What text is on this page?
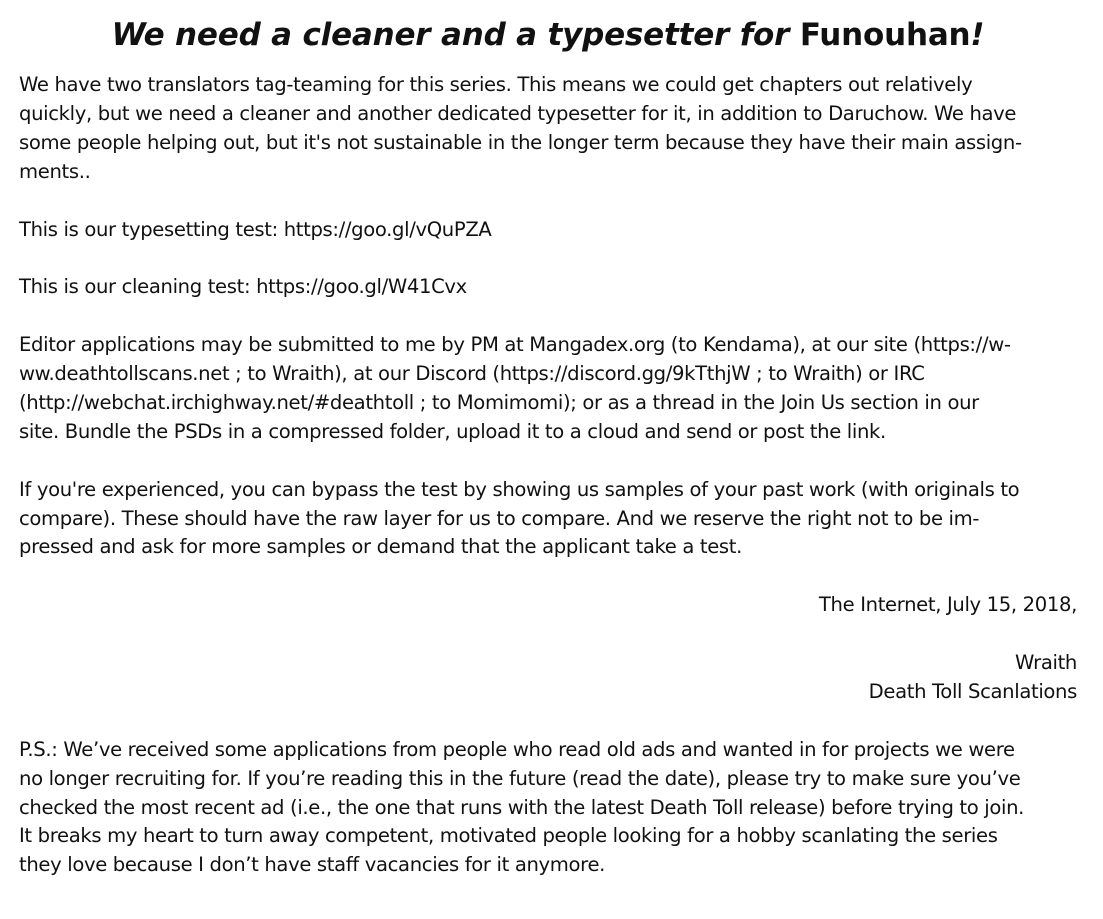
We need a cleaner and a typesetter for Funouhan!

We have two translators tag-teaming for this series. This means we could get chapters out relatively
quickly, but we need a cleaner and another dedicated typesetter for it, in addition to Daruchow. We have
some people helping out, but it's not sustainable in the longer term because they have their main assign-
ments..

This is our typesetting test: https://goo.gl/vQuPZA

This is our cleaning test: https://goo.gl/W41Cvx

Editor applications may be submitted to me by PM at Mangadex.org (to Kendama), at our site (https://w-
ww.deathtollscans.net ; to Wraith), at our Discord (https://discord.gg/9kTthjW ; to Wraith) or IRC
(http://webchat.irchighway.net/#deathtoll ; to Momimomi); or as a thread in the Join Us section in our
site. Bundle the PSDs in a compressed folder, upload it to a cloud and send or post the link.

If you're experienced, you can bypass the test by showing us samples of your past work (with originals to
compare). These should have the raw layer for us to compare. And we reserve the right not to be im-
pressed and ask for more samples or demand that the applicant take a test.

The Internet, July 15, 2018,

Wraith
Death Toll Scanlations

P.S.: We’ve received some applications from people who read old ads and wanted in for projects we were
no longer recruiting for. If you’re reading this in the future (read the date), please try to make sure you’ve
checked the most recent ad (i.e., the one that runs with the latest Death Toll release) before trying to join.
It breaks my heart to turn away competent, motivated people looking for a hobby scanlating the series
they love because I don’t have staff vacancies for it anymore.
